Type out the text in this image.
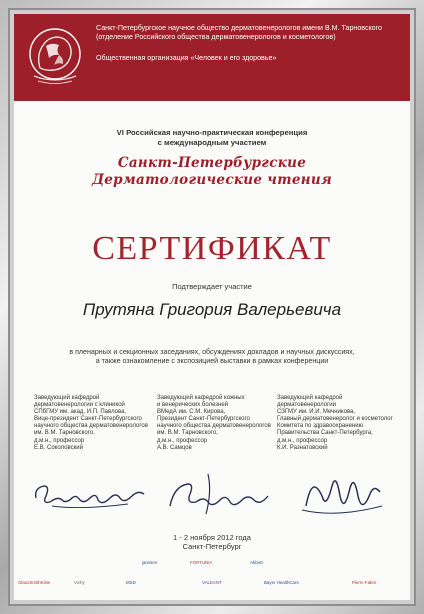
Санкт-Петербургское научное общество дерматовенерологов имени В.М. Тарновского
(отделение Российского общества дерматовенерологов и косметологов)
Общественная организация «Человек и его здоровье»
VI Российская научно-практическая конференция
с международным участием
Санкт-Петербургские
Дерматологические чтения
СЕРТИФИКАТ
Подтверждает участие
Прутяна Григория Валерьевича
в пленарных и секционных заседаниях, обсуждениях докладов и научных дискуссиях,
а также ознакомление с экспозицией выставки в рамках конференции
Заведующий кафедрой
дерматовенерологии с клиникой
СПбГМУ им. акад. И.П. Павлова,
Вице-президент Санкт-Петербургского
научного общества дерматовенерологов
им. В.М. Тарновского,
д.м.н., профессор
Е.В. Соколовский
Заведующий кафедрой кожных
и венерических болезней
ВМедА им. С.М. Кирова,
Президент Санкт-Петербургского
научного общества дерматовенерологов
им. В.М. Тарновского,
д.м.н., профессор
А.В. Самцов
Заведующий кафедрой
дерматовенерологии
СЗГМУ им. И.И. Мечникова,
Главный дерматовенеролог и косметолог
Комитета по здравоохранению
Правительства Санкт-Петербурга,
д.м.н., профессор
К.И. Разнатовский
1 - 2 ноября 2012 года
Санкт-Петербург
janssen	FORTUNIA	Abbott
GlaxoSmithKline	Vichy	MSD	VALEANT	Bayer HealthCare	Pierre Fabre
